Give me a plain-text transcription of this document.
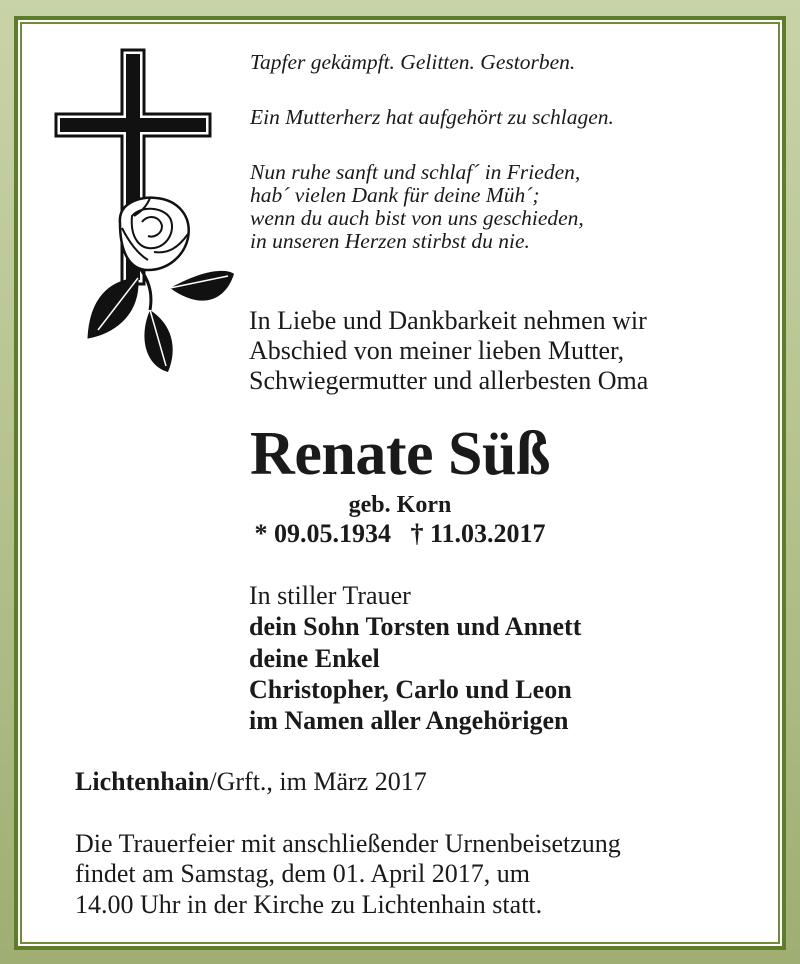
Tapfer gekämpft. Gelitten. Gestorben.
Ein Mutterherz hat aufgehört zu schlagen.
Nun ruhe sanft und schlaf´ in Frieden,
hab´ vielen Dank für deine Müh´;
wenn du auch bist von uns geschieden,
in unseren Herzen stirbst du nie.
In Liebe und Dankbarkeit nehmen wir
Abschied von meiner lieben Mutter,
Schwiegermutter und allerbesten Oma
Renate Süß
geb. Korn
* 09.05.1934   † 11.03.2017
In stiller Trauer
dein Sohn Torsten und Annett
deine Enkel
Christopher, Carlo und Leon
im Namen aller Angehörigen
Lichtenhain/Grft., im März 2017
Die Trauerfeier mit anschließender Urnenbeisetzung
findet am Samstag, dem 01. April 2017, um
14.00 Uhr in der Kirche zu Lichtenhain statt.
